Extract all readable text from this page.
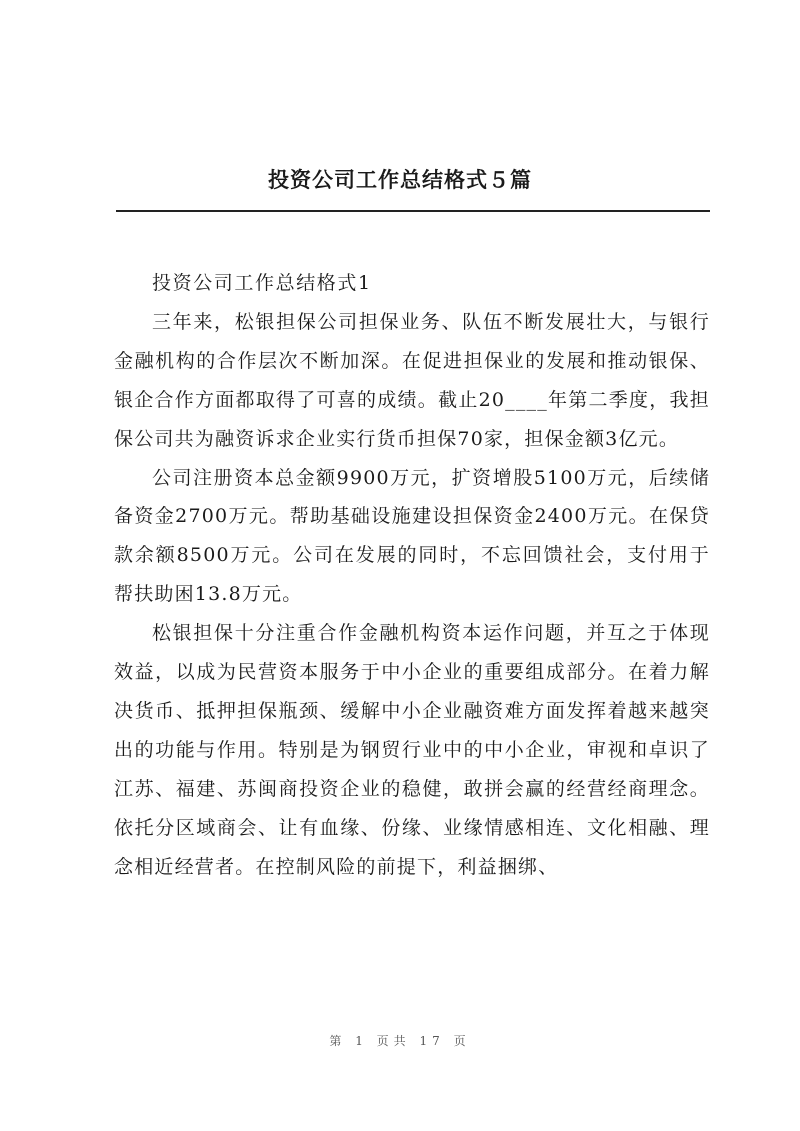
投资公司工作总结格式５篇

投资公司工作总结格式1

三年来，松银担保公司担保业务、队伍不断发展壮大，与银行金融机构的合作层次不断加深。在促进担保业的发展和推动银保、银企合作方面都取得了可喜的成绩。截止20____年第二季度，我担保公司共为融资诉求企业实行货币担保70家，担保金额3亿元。

公司注册资本总金额9900万元，扩资增股5100万元，后续储备资金2700万元。帮助基础设施建设担保资金2400万元。在保贷款余额8500万元。公司在发展的同时，不忘回馈社会，支付用于帮扶助困13.8万元。

松银担保十分注重合作金融机构资本运作问题，并互之于体现效益，以成为民营资本服务于中小企业的重要组成部分。在着力解决货币、抵押担保瓶颈、缓解中小企业融资难方面发挥着越来越突出的功能与作用。特别是为钢贸行业中的中小企业，审视和卓识了江苏、福建、苏闽商投资企业的稳健，敢拼会赢的经营经商理念。依托分区域商会、让有血缘、份缘、业缘情感相连、文化相融、理念相近经营者。在控制风险的前提下，利益捆绑、

第 1 页共 17 页
